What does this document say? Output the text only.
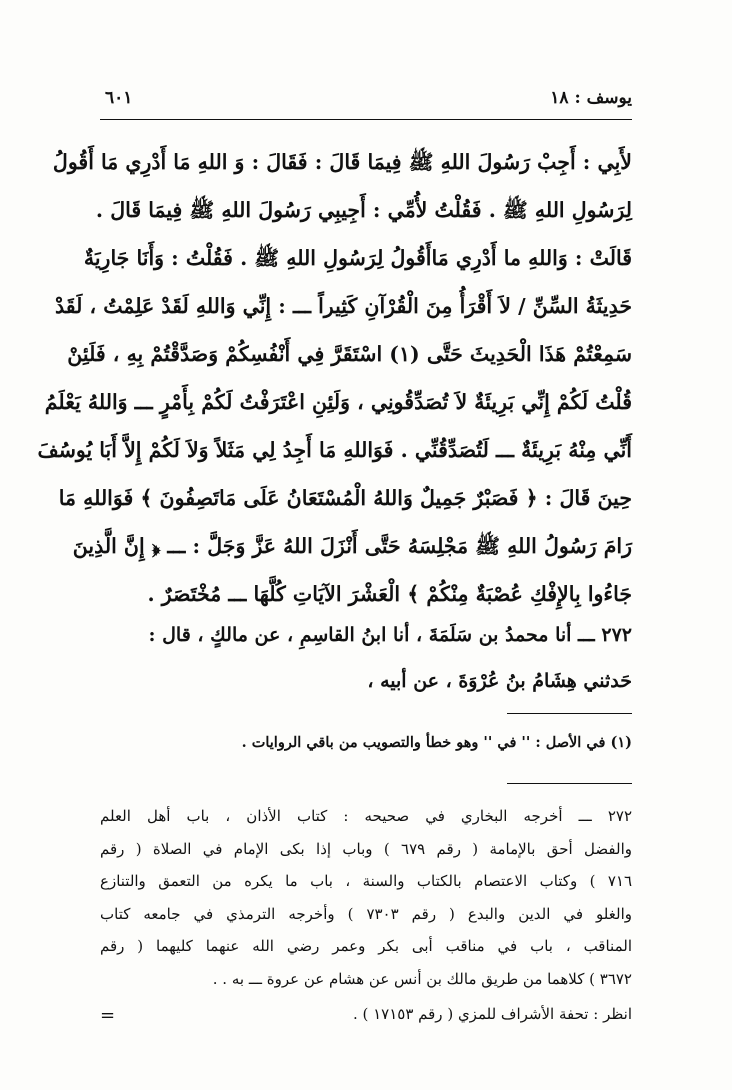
٦٠١	يوسف : ١٨
لأَبِي : أَجِبْ رَسُولَ اللهِ ﷺ فِيمَا قَالَ : فَقَالَ : وَ اللهِ مَا أَدْرِي مَا أَقُولُ
لِرَسُولِ اللهِ ﷺ . فَقُلْتُ لأُمِّي : أَجِيبِي رَسُولَ اللهِ ﷺ فِيمَا قَالَ .
قَالَتْ : وَاللهِ ما أَدْرِي مَاأَقُولُ لِرَسُولِ اللهِ ﷺ . فَقُلْتُ : وَأَنَا جَارِيَةٌ
حَدِيثَةُ السِّنِّ / لاَ أَقْرَأُ مِنَ الْقُرْآنِ كَثِيراً ـــ : إِنِّي وَاللهِ لَقَدْ عَلِمْتُ ، لَقَدْ
سَمِعْتُمْ هَذَا الْحَدِيثَ حَتَّى (١) اسْتَقَرَّ فِي أَنْفُسِكُمْ وَصَدَّقْتُمْ بِهِ ، فَلَئِنْ
قُلْتُ لَكُمْ إِنِّي بَرِيئَةٌ لاَ تُصَدِّقُونِي ، وَلَئِنِ اعْتَرَفْتُ لَكُمْ بِأَمْرٍ ـــ وَاللهُ يَعْلَمُ
أَنِّي مِنْهُ بَرِيئَةٌ ـــ لَتُصَدِّقُنِّي . فَوَاللهِ مَا أَجِدُ لِي مَثَلاً وَلاَ لَكُمْ إِلاَّ أَبَا يُوسُفَ
حِينَ قَالَ : ﴿ فَصَبْرٌ جَمِيلٌ وَاللهُ الْمُسْتَعَانُ عَلَى مَاتَصِفُونَ ﴾ فَوَاللهِ مَا
رَامَ رَسُولُ اللهِ ﷺ مَجْلِسَهُ حَتَّى أَنْزَلَ اللهُ عَزَّ وَجَلَّ : ـــ ﴿ إِنَّ الَّذِينَ
جَاءُوا بِالإِفْكِ عُصْبَةٌ مِنْكُمْ ﴾ الْعَشْرَ الآيَاتِ كُلَّهَا ـــ مُخْتَصَرٌ .
٢٧٢ ـــ أنا محمدُ بن سَلَمَةَ ، أنا ابنُ القاسِمِ ، عن مالكٍ ، قال :
حَدثني هِشَامُ بنُ عُرْوَةَ ، عن أبيه ،
(١) في الأصل : '' في '' وهو خطأ والتصويب من باقي الروايات .
٢٧٢ ـــ أخرجه البخاري في صحيحه : كتاب الأذان ، باب أهل العلم
والفضل أحق بالإمامة ( رقم ٦٧٩ ) وباب إذا بكى الإمام في الصلاة ( رقم
٧١٦ ) وكتاب الاعتصام بالكتاب والسنة ، باب ما يكره من التعمق والتنازع
والغلو في الدين والبدع ( رقم ٧٣٠٣ ) وأخرجه الترمذي في جامعه كتاب
المناقب ، باب في مناقب أبى بكر وعمر رضي الله عنهما كليهما ( رقم
٣٦٧٢ ) كلاهما من طريق مالك بن أنس عن هشام عن عروة ـــ به . .
انظر : تحفة الأشراف للمزي ( رقم ١٧١٥٣ ) .
=
